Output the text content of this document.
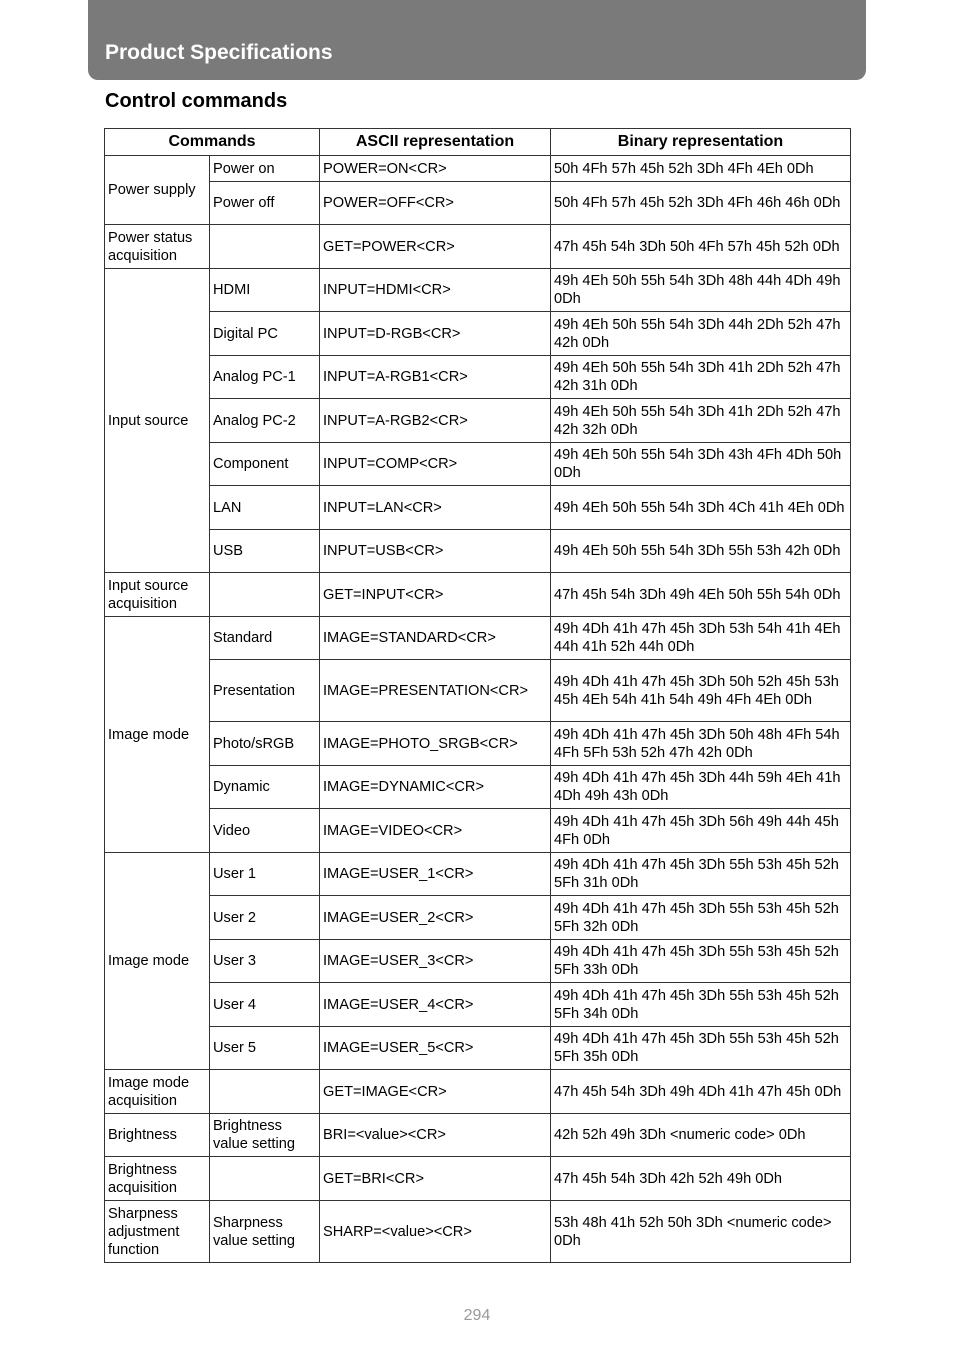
Product Specifications
Control commands
Commands		ASCII representation	Binary representation
Power supply	Power on	POWER=ON<CR>	50h 4Fh 57h 45h 52h 3Dh 4Fh 4Eh 0Dh
	Power off	POWER=OFF<CR>	50h 4Fh 57h 45h 52h 3Dh 4Fh 46h 46h 0Dh
Power status acquisition		GET=POWER<CR>	47h 45h 54h 3Dh 50h 4Fh 57h 45h 52h 0Dh
Input source	HDMI	INPUT=HDMI<CR>	49h 4Eh 50h 55h 54h 3Dh 48h 44h 4Dh 49h 0Dh
	Digital PC	INPUT=D-RGB<CR>	49h 4Eh 50h 55h 54h 3Dh 44h 2Dh 52h 47h 42h 0Dh
	Analog PC-1	INPUT=A-RGB1<CR>	49h 4Eh 50h 55h 54h 3Dh 41h 2Dh 52h 47h 42h 31h 0Dh
	Analog PC-2	INPUT=A-RGB2<CR>	49h 4Eh 50h 55h 54h 3Dh 41h 2Dh 52h 47h 42h 32h 0Dh
	Component	INPUT=COMP<CR>	49h 4Eh 50h 55h 54h 3Dh 43h 4Fh 4Dh 50h 0Dh
	LAN	INPUT=LAN<CR>	49h 4Eh 50h 55h 54h 3Dh 4Ch 41h 4Eh 0Dh
	USB	INPUT=USB<CR>	49h 4Eh 50h 55h 54h 3Dh 55h 53h 42h 0Dh
Input source acquisition		GET=INPUT<CR>	47h 45h 54h 3Dh 49h 4Eh 50h 55h 54h 0Dh
Image mode	Standard	IMAGE=STANDARD<CR>	49h 4Dh 41h 47h 45h 3Dh 53h 54h 41h 4Eh 44h 41h 52h 44h 0Dh
	Presentation	IMAGE=PRESENTATION<CR>	49h 4Dh 41h 47h 45h 3Dh 50h 52h 45h 53h 45h 4Eh 54h 41h 54h 49h 4Fh 4Eh 0Dh
	Photo/sRGB	IMAGE=PHOTO_SRGB<CR>	49h 4Dh 41h 47h 45h 3Dh 50h 48h 4Fh 54h 4Fh 5Fh 53h 52h 47h 42h 0Dh
	Dynamic	IMAGE=DYNAMIC<CR>	49h 4Dh 41h 47h 45h 3Dh 44h 59h 4Eh 41h 4Dh 49h 43h 0Dh
	Video	IMAGE=VIDEO<CR>	49h 4Dh 41h 47h 45h 3Dh 56h 49h 44h 45h 4Fh 0Dh
Image mode	User 1	IMAGE=USER_1<CR>	49h 4Dh 41h 47h 45h 3Dh 55h 53h 45h 52h 5Fh 31h 0Dh
	User 2	IMAGE=USER_2<CR>	49h 4Dh 41h 47h 45h 3Dh 55h 53h 45h 52h 5Fh 32h 0Dh
	User 3	IMAGE=USER_3<CR>	49h 4Dh 41h 47h 45h 3Dh 55h 53h 45h 52h 5Fh 33h 0Dh
	User 4	IMAGE=USER_4<CR>	49h 4Dh 41h 47h 45h 3Dh 55h 53h 45h 52h 5Fh 34h 0Dh
	User 5	IMAGE=USER_5<CR>	49h 4Dh 41h 47h 45h 3Dh 55h 53h 45h 52h 5Fh 35h 0Dh
Image mode acquisition		GET=IMAGE<CR>	47h 45h 54h 3Dh 49h 4Dh 41h 47h 45h 0Dh
Brightness	Brightness value setting	BRI=<value><CR>	42h 52h 49h 3Dh <numeric code> 0Dh
Brightness acquisition		GET=BRI<CR>	47h 45h 54h 3Dh 42h 52h 49h 0Dh
Sharpness adjustment function	Sharpness value setting	SHARP=<value><CR>	53h 48h 41h 52h 50h 3Dh <numeric code> 0Dh
294
